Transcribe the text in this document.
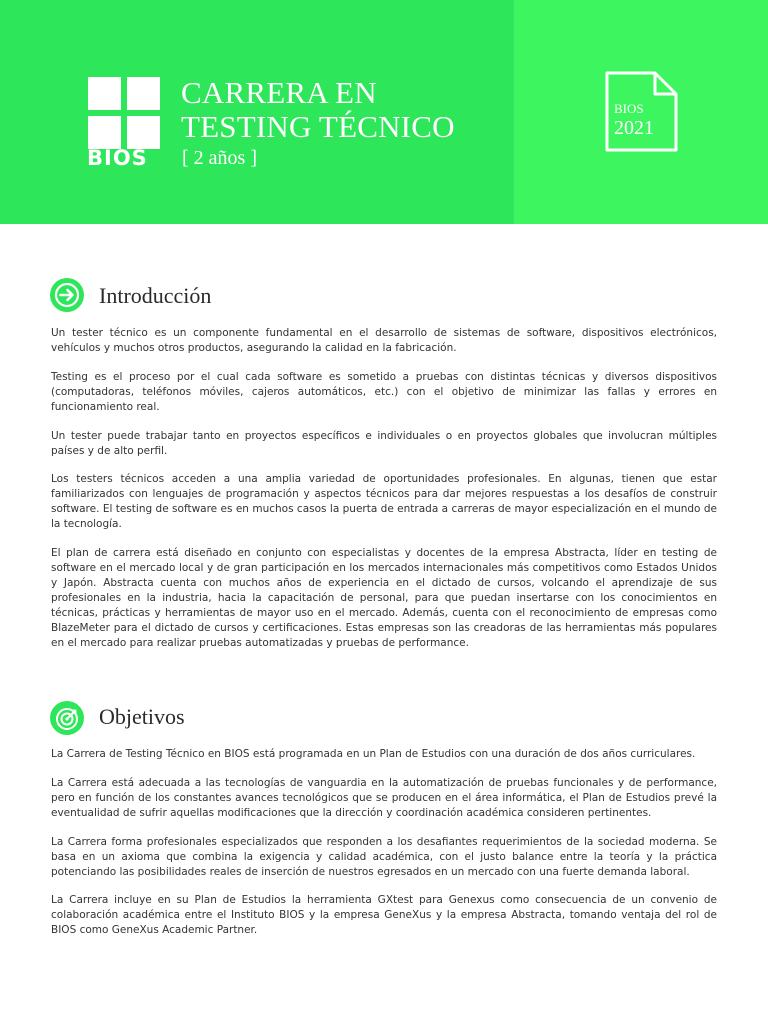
BIOS
CARRERA EN
TESTING TÉCNICO
[ 2 años ]
BIOS
2021
Introducción

Un tester técnico es un componente fundamental en el desarrollo de sistemas de software, dispositivos electrónicos, vehículos y muchos otros productos, asegurando la calidad en la fabricación.

Testing es el proceso por el cual cada software es sometido a pruebas con distintas técnicas y diversos dispositivos (computadoras, teléfonos móviles, cajeros automáticos, etc.) con el objetivo de minimizar las fallas y errores en funcionamiento real.

Un tester puede trabajar tanto en proyectos específicos e individuales o en proyectos globales que involucran múltiples países y de alto perfil.

Los testers técnicos acceden a una amplia variedad de oportunidades profesionales. En algunas, tienen que estar familiarizados con lenguajes de programación y aspectos técnicos para dar mejores respuestas a los desafíos de construir software. El testing de software es en muchos casos la puerta de entrada a carreras de mayor especialización en el mundo de la tecnología.

El plan de carrera está diseñado en conjunto con especialistas y docentes de la empresa Abstracta, líder en testing de software en el mercado local y de gran participación en los mercados internacionales más competitivos como Estados Unidos y Japón. Abstracta cuenta con muchos años de experiencia en el dictado de cursos, volcando el aprendizaje de sus profesionales en la industria, hacia la capacitación de personal, para que puedan insertarse con los conocimientos en técnicas, prácticas y herramientas de mayor uso en el mercado. Además, cuenta con el reconocimiento de empresas como BlazeMeter para el dictado de cursos y certificaciones. Estas empresas son las creadoras de las herramientas más populares en el mercado para realizar pruebas automatizadas y pruebas de performance.

Objetivos

La Carrera de Testing Técnico en BIOS está programada en un Plan de Estudios con una duración de dos años curriculares.

La Carrera está adecuada a las tecnologías de vanguardia en la automatización de pruebas funcionales y de performance, pero en función de los constantes avances tecnológicos que se producen en el área informática, el Plan de Estudios prevé la eventualidad de sufrir aquellas modificaciones que la dirección y coordinación académica consideren pertinentes.

La Carrera forma profesionales especializados que responden a los desafiantes requerimientos de la sociedad moderna. Se basa en un axioma que combina la exigencia y calidad académica, con el justo balance entre la teoría y la práctica potenciando las posibilidades reales de inserción de nuestros egresados en un mercado con una fuerte demanda laboral.

La Carrera incluye en su Plan de Estudios la herramienta GXtest para Genexus como consecuencia de un convenio de colaboración académica entre el Instituto BIOS y la empresa GeneXus y la empresa Abstracta, tomando ventaja del rol de BIOS como GeneXus Academic Partner.
